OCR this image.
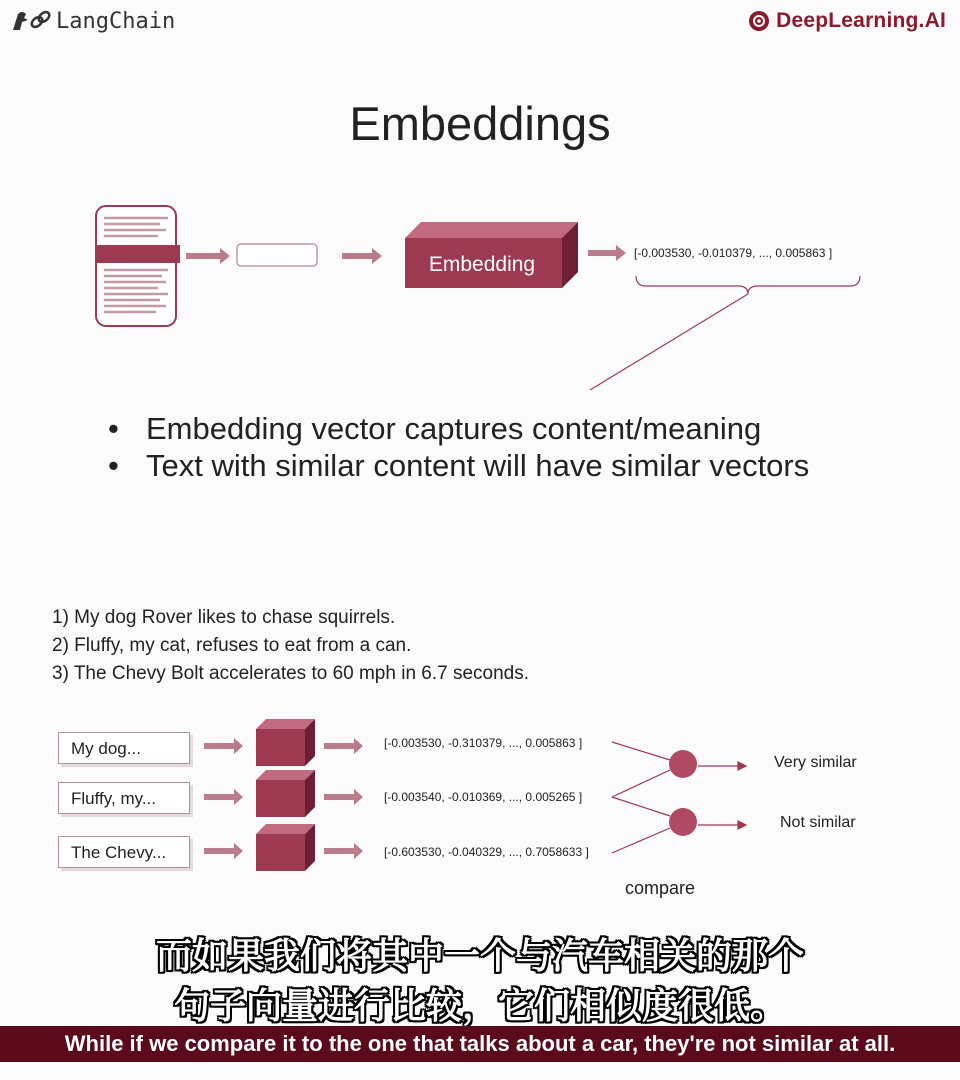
LangChain	DeepLearning.AI
Embeddings
Embedding	[-0.003530, -0.010379, ..., 0.005863 ]
• Embedding vector captures content/meaning
• Text with similar content will have similar vectors
1) My dog Rover likes to chase squirrels.
2) Fluffy, my cat, refuses to eat from a can.
3) The Chevy Bolt accelerates to 60 mph in 6.7 seconds.
My dog...
Fluffy, my...
The Chevy...
[-0.003530, -0.310379, ..., 0.005863 ]
[-0.003540, -0.010369, ..., 0.005265 ]
[-0.603530, -0.040329, ..., 0.7058633 ]
Very similar
Not similar
compare
而如果我们将其中一个与汽车相关的那个
句子向量进行比较，它们相似度很低。
While if we compare it to the one that talks about a car, they're not similar at all.
